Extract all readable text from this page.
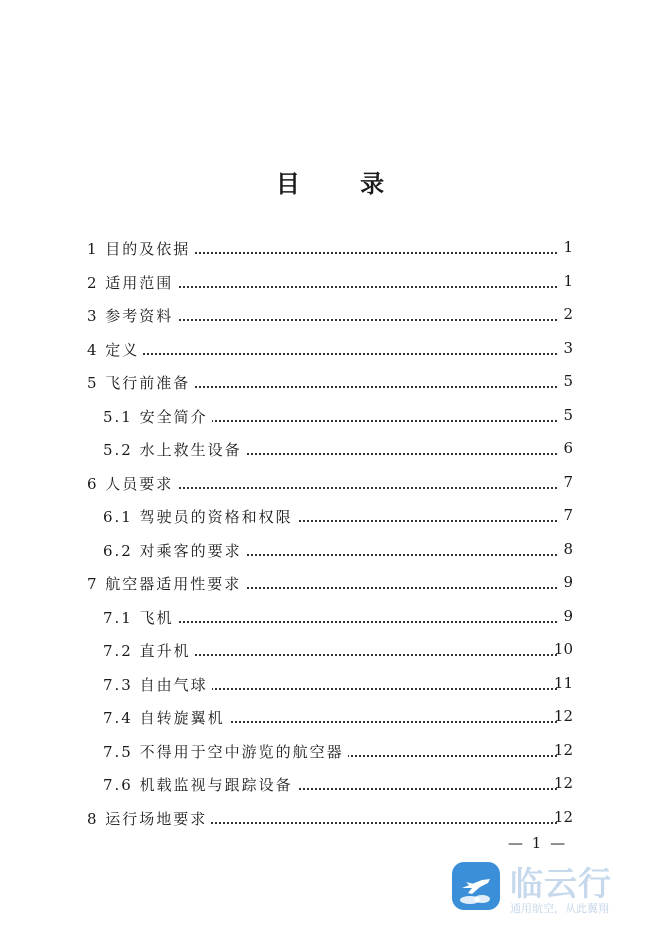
目 录
1 目的及依据	1
2 适用范围	1
3 参考资料	2
4 定义	3
5 飞行前准备	5
5.1 安全简介	5
5.2 水上救生设备	6
6 人员要求	7
6.1 驾驶员的资格和权限	7
6.2 对乘客的要求	8
7 航空器适用性要求	9
7.1 飞机	9
7.2 直升机	10
7.3 自由气球	11
7.4 自转旋翼机	12
7.5 不得用于空中游览的航空器	12
7.6 机载监视与跟踪设备	12
8 运行场地要求	12
— 1 —
临云行
通用航空，从此翼翔
